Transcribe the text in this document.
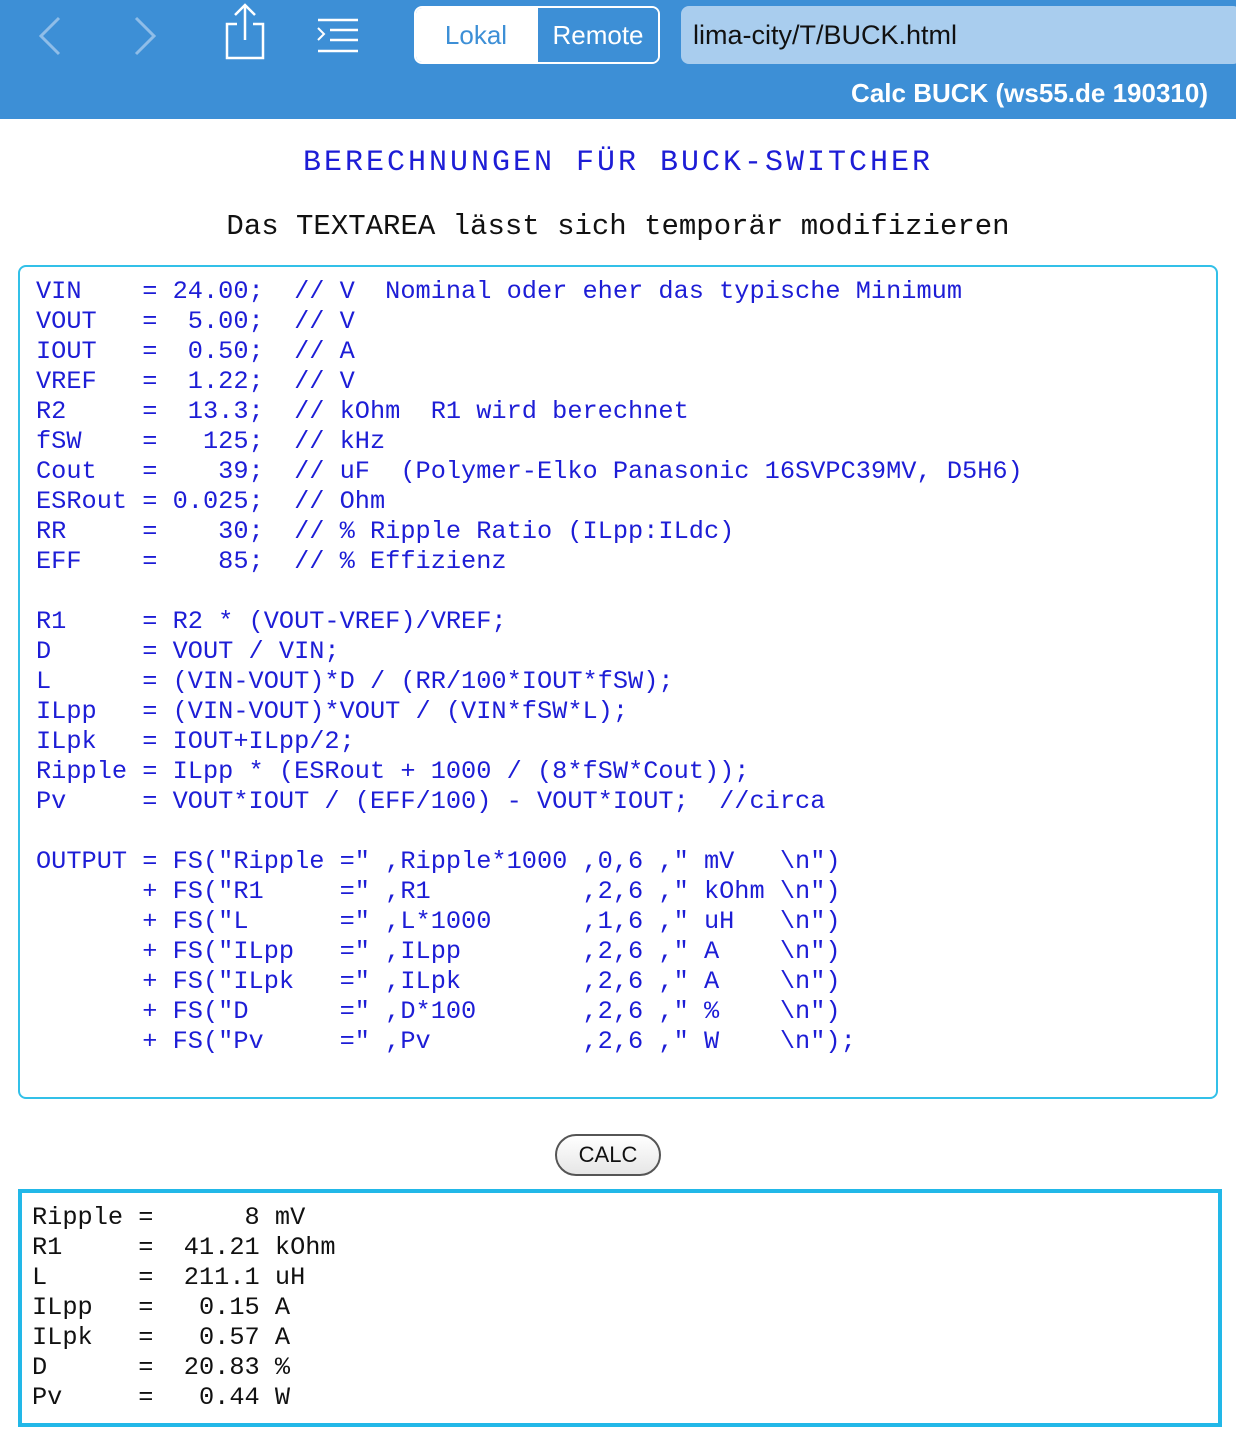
Lokal	Remote	lima-city/T/BUCK.html
Calc BUCK (ws55.de 190310)
BERECHNUNGEN FÜR BUCK-SWITCHER
Das TEXTAREA lässt sich temporär modifizieren
VIN    = 24.00;  // V  Nominal oder eher das typische Minimum
VOUT   =  5.00;  // V
IOUT   =  0.50;  // A
VREF   =  1.22;  // V
R2     =  13.3;  // kOhm  R1 wird berechnet
fSW    =   125;  // kHz
Cout   =    39;  // uF  (Polymer-Elko Panasonic 16SVPC39MV, D5H6)
ESRout = 0.025;  // Ohm
RR     =    30;  // % Ripple Ratio (ILpp:ILdc)
EFF    =    85;  // % Effizienz

R1     = R2 * (VOUT-VREF)/VREF;
D      = VOUT / VIN;
L      = (VIN-VOUT)*D / (RR/100*IOUT*fSW);
ILpp   = (VIN-VOUT)*VOUT / (VIN*fSW*L);
ILpk   = IOUT+ILpp/2;
Ripple = ILpp * (ESRout + 1000 / (8*fSW*Cout));
Pv     = VOUT*IOUT / (EFF/100) - VOUT*IOUT;  //circa

OUTPUT = FS("Ripple =" ,Ripple*1000 ,0,6 ," mV   \n")
+ FS("R1     =" ,R1          ,2,6 ," kOhm \n")
+ FS("L      =" ,L*1000      ,1,6 ," uH   \n")
+ FS("ILpp   =" ,ILpp        ,2,6 ," A    \n")
+ FS("ILpk   =" ,ILpk        ,2,6 ," A    \n")
+ FS("D      =" ,D*100       ,2,6 ," %    \n")
+ FS("Pv     =" ,Pv          ,2,6 ," W    \n");
CALC
Ripple =      8 mV
R1     =  41.21 kOhm
L      =  211.1 uH
ILpp   =   0.15 A
ILpk   =   0.57 A
D      =  20.83 %
Pv     =   0.44 W
